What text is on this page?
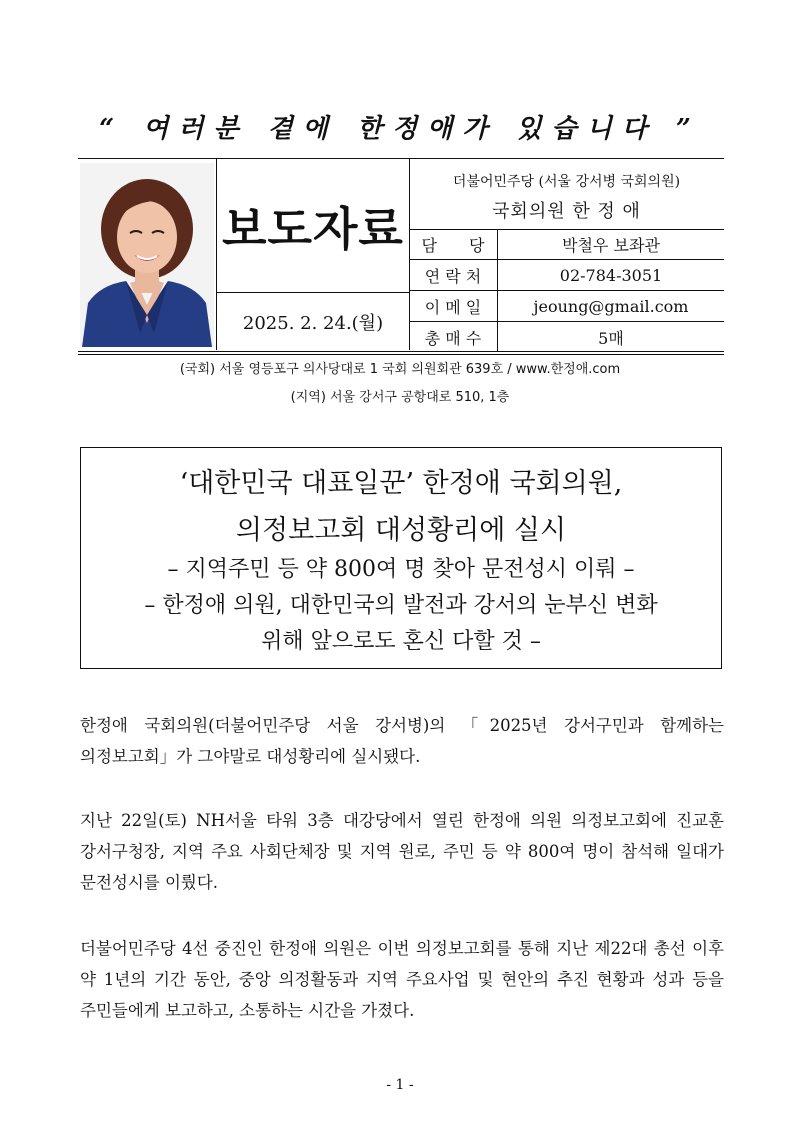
“ 여러분 곁에 한정애가 있습니다 ”
보도자료
2025. 2. 24.(월)
더불어민주당 (서울 강서병 국회의원)
국회의원 한 정 애
담　　당	박철우 보좌관
연 락 처	02-784-3051
이 메 일	jeoung@gmail.com
총 매 수	5매
(국회) 서울 영등포구 의사당대로 1 국회 의원회관 639호 / www.한정애.com
(지역) 서울 강서구 공항대로 510, 1층
‘대한민국 대표일꾼’ 한정애 국회의원,
의정보고회 대성황리에 실시
– 지역주민 등 약 800여 명 찾아 문전성시 이뤄 –
– 한정애 의원, 대한민국의 발전과 강서의 눈부신 변화
위해 앞으로도 혼신 다할 것 –
한정애 국회의원(더불어민주당 서울 강서병)의 「2025년 강서구민과 함께하는 의정보고회」가 그야말로 대성황리에 실시됐다.
지난 22일(토) NH서울 타워 3층 대강당에서 열린 한정애 의원 의정보고회에 진교훈 강서구청장, 지역 주요 사회단체장 및 지역 원로, 주민 등 약 800여 명이 참석해 일대가 문전성시를 이뤘다.
더불어민주당 4선 중진인 한정애 의원은 이번 의정보고회를 통해 지난 제22대 총선 이후 약 1년의 기간 동안, 중앙 의정활동과 지역 주요사업 및 현안의 추진 현황과 성과 등을 주민들에게 보고하고, 소통하는 시간을 가졌다.
- 1 -
